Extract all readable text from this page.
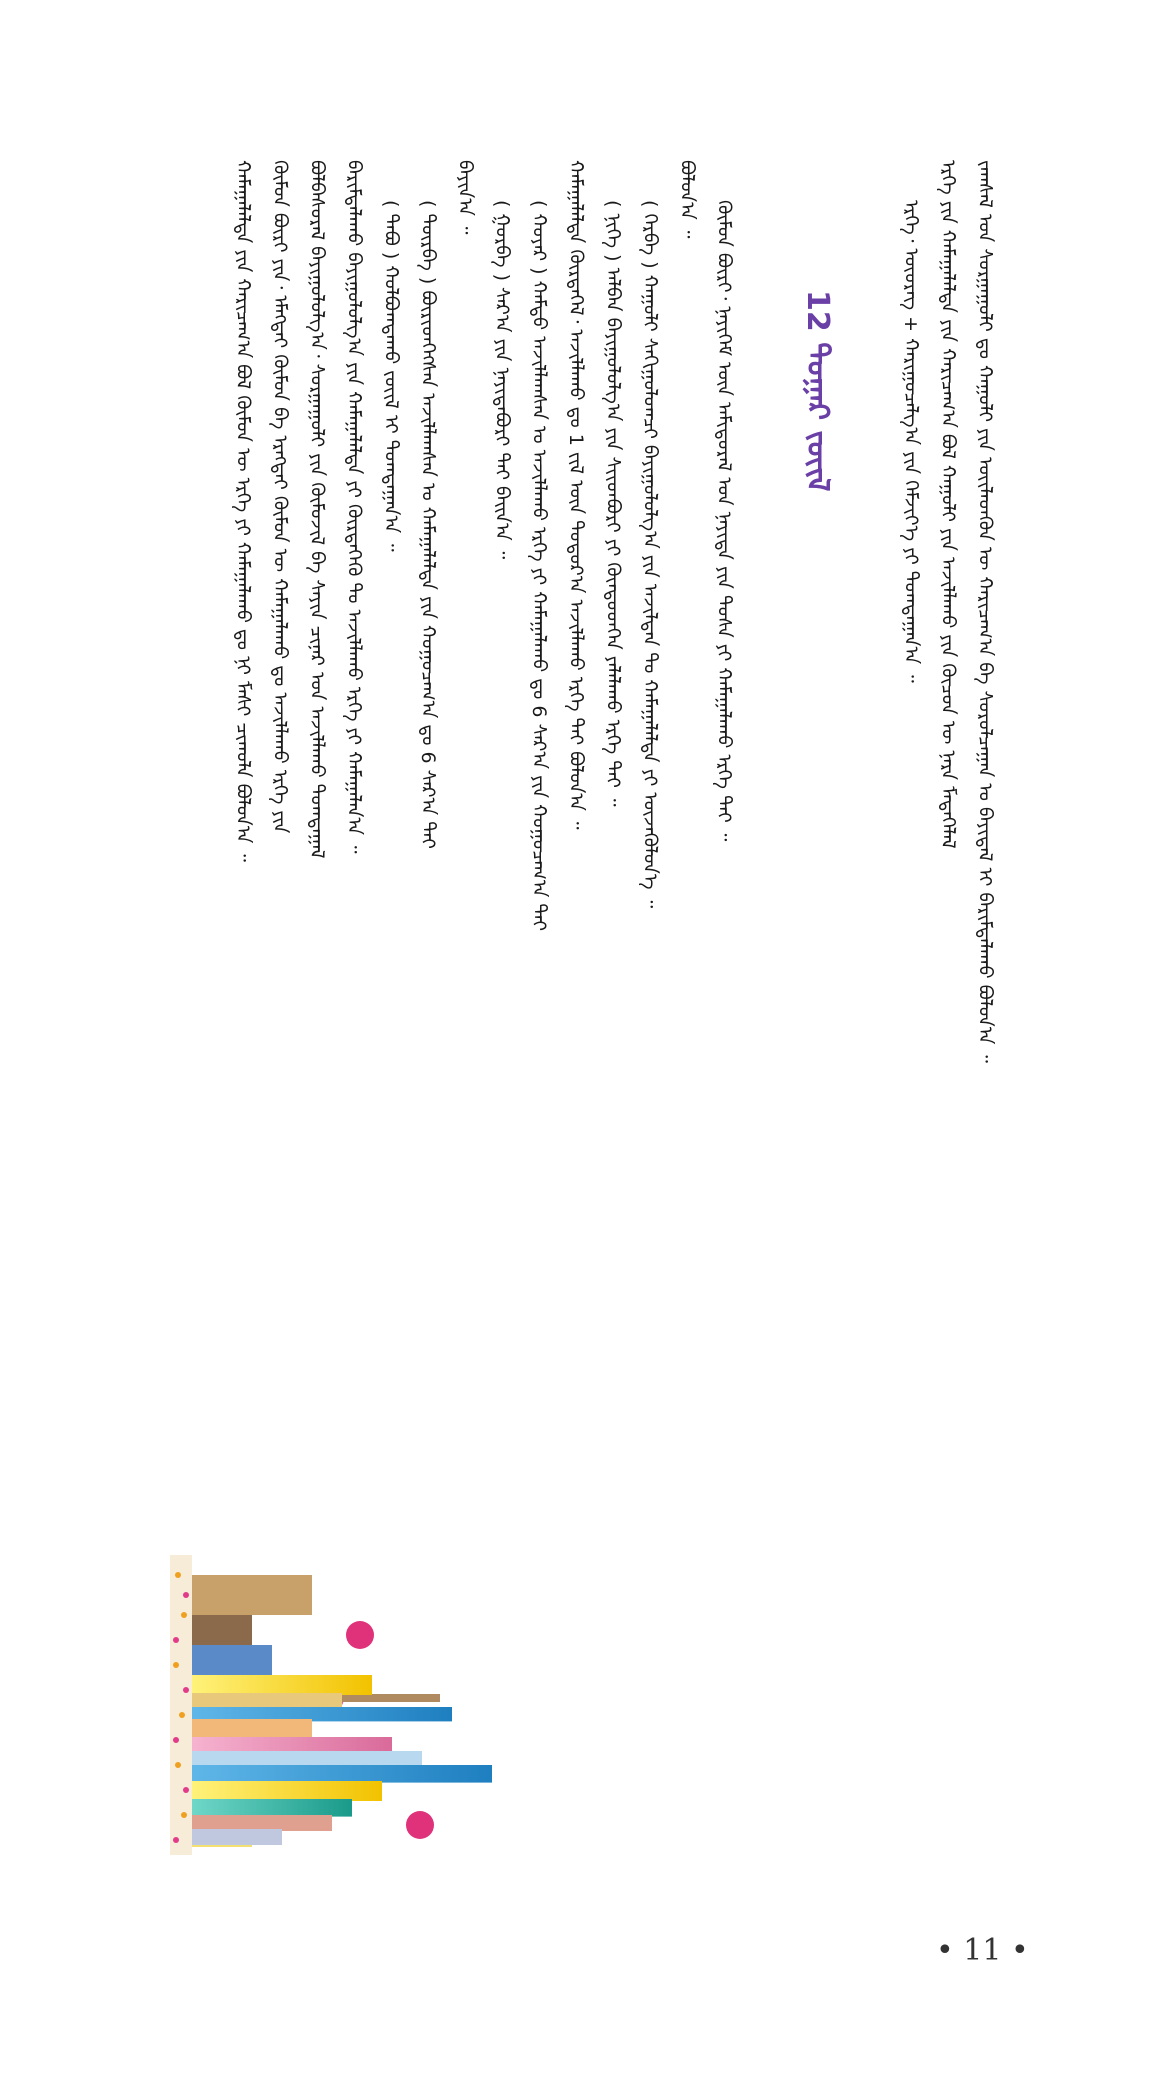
ᠵᠠᠭᠰᠠᠯ ᠤᠨ ᠰᠤᠷᠭᠠᠭᠤᠯᠢ ᠳᠤ ᠬᠠᠭᠤᠯᠢ ᠶᠢᠨ ᠦᠢᠯᠡᠳᠬᠦᠨ ᠦ ᠬᠠᠷᠢᠴᠠᠭ᠎ᠠ ᠪᠠ ᠰᠤᠷᠤᠯᠴᠠᠭᠠᠨ ᠤ ᠪᠠᠶᠢᠳᠠᠯ ᠢ ᠪᠠᠷᠢᠮᠳᠠᠯᠠᠬᠤ ᠪᠣᠯᠤᠨ᠎ᠠ ᠃
ᠡᠷᠬᠡ ᠶᠢᠨ ᠬᠠᠮᠠᠭᠠᠯᠠᠯᠲᠠ ᠶᠢᠨ ᠬᠠᠷᠢᠴᠠᠭ᠎ᠠ ᠪᠣᠯ ᠬᠠᠭᠤᠯᠢ ᠶᠢᠨ ᠠᠵᠢᠯᠯᠠᠬᠤ ᠶᠢᠨ ᠬᠦᠴᠦᠨ ᠦ ᠨᠡᠷᠡ ᠮᠡᠳᠡᠭᠡᠯᠡᠯ
ᠡᠷᠬᠡ᠂ ᠦᠦᠷᠡᠭ + ᠬᠠᠷᠢᠭᠤᠴᠠᠯᠭ᠎ᠠ ᠶᠢᠨ ᠬᠡᠮᠵᠢᠶ᠎ᠡ ᠶᠢ ᠲᠣᠭᠲᠠᠭᠠᠨ᠎ᠠ ᠃
12 ᠳᠤᠭᠠᠷ ᠵᠦᠢᠯ
ᠬᠦᠮᠦᠨ ᠪᠦᠷᠢ᠂ ᠨᠡᠶᠢᠭᠡᠮ ᠦᠨ ᠠᠮᠢᠳᠤᠷᠠᠯ ᠤᠨ ᠨᠡᠶᠢᠲᠡ ᠶᠢᠨ ᠲᠤᠰᠠ ᠶᠢ ᠬᠠᠮᠠᠭᠠᠯᠠᠬᠤ ᠡᠷᠬᠡ ᠲᠠᠢ ᠃
ᠪᠣᠯᠤᠨ᠎ᠠ ᠃
( ᠬᠡᠷᠪᠡ ) ᠬᠠᠭᠤᠯᠢ ᠰᠠᠬᠢᠭᠤᠯᠤᠭᠴᠢ ᠪᠠᠶᠢᠭᠤᠯᠤᠯᠭ᠎ᠠ ᠶᠢᠨ ᠠᠵᠢᠯᠲᠠᠨ ᠲᠤ ᠬᠠᠮᠠᠭᠠᠯᠠᠯᠲᠠ ᠶᠢ ᠦᠵᠡᠭᠦᠯᠦᠨ᠎ᠡ ᠃
( ᠨᠢᠭᠡ ) ᠠᠯᠪᠠᠨ ᠪᠠᠶᠢᠭᠤᠯᠤᠯᠭ᠎ᠠ ᠶᠢᠨ ᠰᠢᠢᠳᠪᠦᠷᠢ ᠶᠢ ᠬᠦᠨᠳᠦᠳᠬᠡᠨ ᠶᠠᠯᠠᠯᠠᠬᠤ ᠡᠷᠬᠡ ᠲᠠᠢ ᠃
ᠬᠠᠮᠠᠭᠠᠯᠠᠯᠲᠠ ᠬᠦᠷᠲᠡᠭᠡᠯ᠂ ᠠᠵᠢᠯᠯᠠᠬᠤ ᠳᠤ 1 ᠵᠢᠯ ᠦᠨ ᠳᠤᠲᠤᠷ᠎ᠠ ᠠᠵᠢᠯᠯᠠᠬᠤ ᠡᠷᠬᠡ ᠲᠠᠢ ᠪᠣᠯᠤᠨ᠎ᠠ ᠃
( ᠬᠣᠶᠠᠷ ) ᠬᠠᠮᠲᠤ ᠠᠵᠢᠯᠯᠠᠭᠰᠠᠨ ᠤ ᠠᠵᠢᠯᠯᠠᠬᠤ ᠡᠷᠬᠡ ᠶᠢ ᠬᠠᠮᠠᠭᠠᠯᠠᠬᠤ ᠳᠤ 6 ᠰᠠᠷ᠎ᠠ ᠶᠢᠨ ᠬᠤᠭᠤᠴᠠᠭ᠎ᠠ ᠲᠠᠢ
( ᠭᠤᠷᠪᠠ ) ᠰᠠᠷ᠎ᠠ ᠶᠢᠨ ᠨᠠᠶᠢᠳᠠᠪᠤᠷᠢ ᠲᠠᠢ ᠪᠠᠢᠨ᠎ᠠ ᠃
ᠪᠠᠶᠢᠨ᠎ᠠ ᠃
( ᠳᠥᠷᠪᠡ ) ᠪᠦᠷᠢᠳᠬᠡᠭᠰᠡᠨ ᠠᠵᠢᠯᠯᠠᠭᠰᠠᠨ ᠤ ᠬᠠᠮᠠᠭᠠᠯᠠᠯᠲᠠ ᠶᠢᠨ ᠬᠤᠭᠤᠴᠠᠭ᠎ᠠ ᠳᠤ 6 ᠰᠠᠷ᠎ᠠ ᠲᠠᠢ
( ᠲᠠᠪᠤ ) ᠬᠣᠯᠪᠣᠭᠳᠠᠬᠤ ᠵᠦᠢᠯ ᠢ ᠲᠣᠭᠲᠠᠭᠠᠨ᠎ᠠ ᠃
ᠪᠠᠷᠢᠮᠳᠠᠯᠠᠬᠤ ᠪᠠᠶᠢᠭᠤᠯᠤᠯᠭ᠎ᠠ ᠶᠢᠨ ᠬᠠᠮᠠᠭᠠᠯᠠᠯᠲᠠ ᠶᠢ ᠬᠦᠷᠲᠡᠭᠡᠬᠦ ᠲᠤ ᠠᠵᠢᠯᠯᠠᠬᠤ ᠡᠷᠬᠡ ᠶᠢ ᠬᠠᠮᠠᠭᠠᠯᠠᠨ᠎ᠠ ᠃
ᠪᠣᠯᠪᠠᠰᠤᠷᠠᠯ ᠪᠠᠶᠢᠭᠤᠯᠤᠯᠭ᠎ᠠ᠂ ᠰᠤᠷᠭᠠᠭᠤᠯᠢ ᠶᠢᠨ ᠬᠦᠮᠦᠵᠢᠯ ᠪᠠ ᠰᠠᠶᠢᠨ ᠴᠢᠨᠠᠷ ᠤᠨ ᠠᠵᠢᠯᠯᠠᠬᠤ ᠲᠣᠭᠲᠠᠭᠠᠯ
ᠬᠦᠮᠦᠨ ᠪᠦᠷᠢ ᠶᠢᠨ᠂ ᠡᠮᠡᠭᠲᠡᠢ ᠬᠦᠮᠦᠨ ᠪᠠ ᠡᠷᠡᠭᠲᠡᠢ ᠬᠦᠮᠦᠨ ᠦ ᠬᠠᠮᠠᠭᠠᠯᠠᠬᠤ ᠳᠤ ᠠᠵᠢᠯᠯᠠᠬᠤ ᠡᠷᠬᠡ ᠶᠢᠨ
ᠬᠠᠮᠠᠭᠠᠯᠠᠯᠲᠠ ᠶᠢᠨ ᠬᠠᠷᠢᠴᠠᠭ᠎ᠠ ᠪᠣᠯ ᠬᠦᠮᠦᠨ ᠦ ᠡᠷᠬᠡ ᠶᠢ ᠬᠠᠮᠠᠭᠠᠯᠠᠬᠤ ᠳᠤ ᠨᠢ ᠮᠠᠰᠢ ᠴᠢᠬᠤᠯᠠ ᠪᠣᠯᠤᠨ᠎ᠠ ᠃
• 11 •
